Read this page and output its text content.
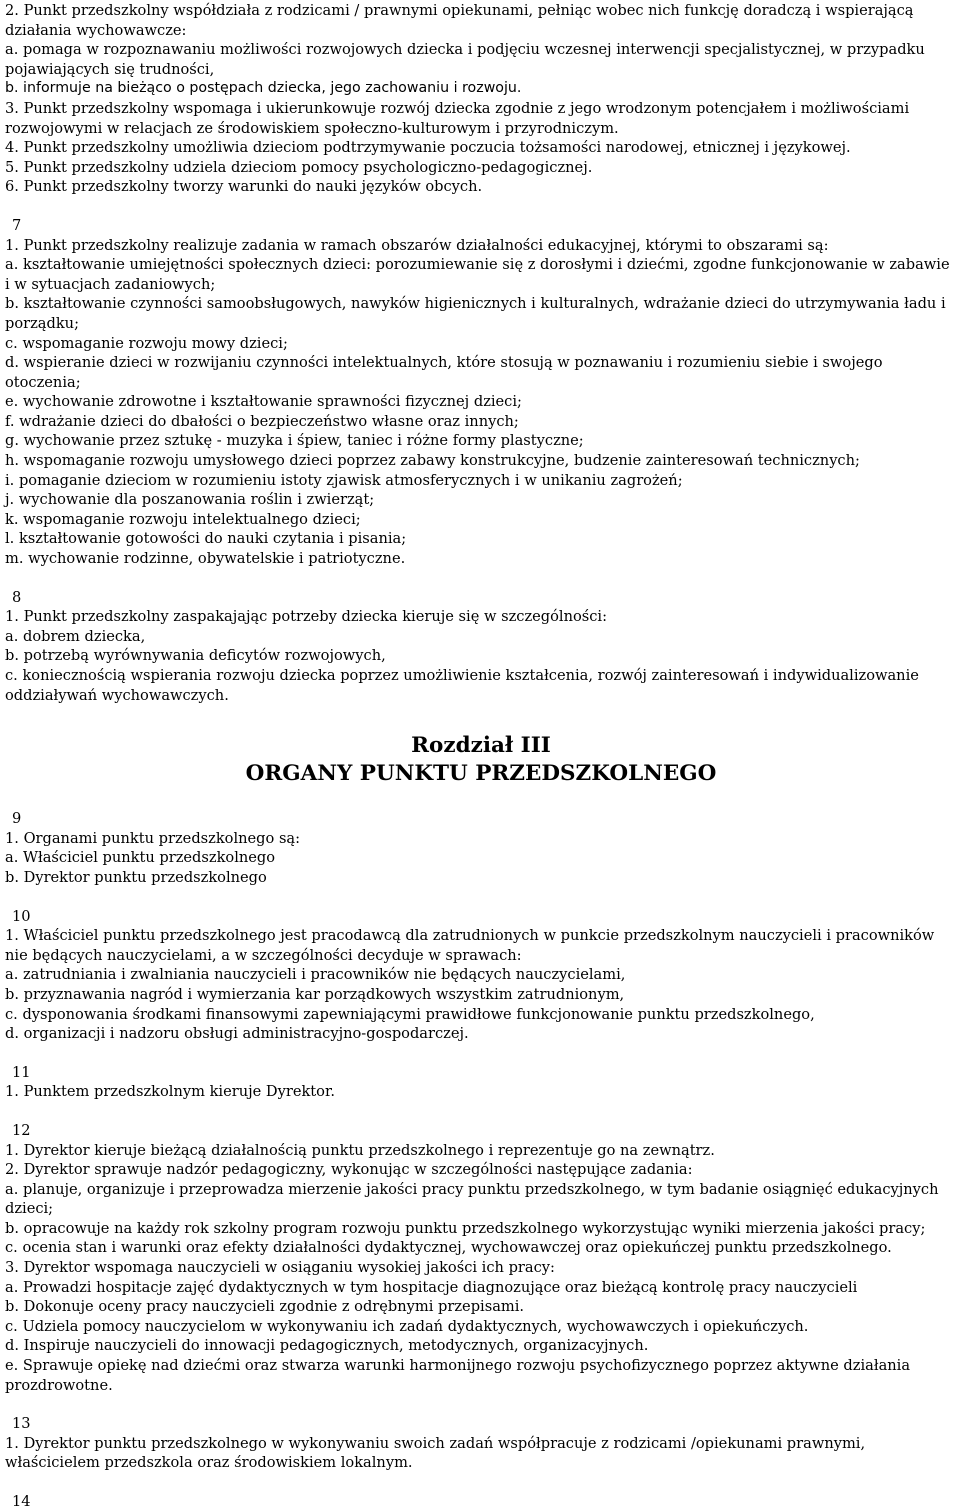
2. Punkt przedszkolny współdziała z rodzicami / prawnymi opiekunami, pełniąc wobec nich funkcję doradczą i wspierającą działania wychowawcze:

a. pomaga w rozpoznawaniu możliwości rozwojowych dziecka i podjęciu wczesnej interwencji specjalistycznej, w przypadku pojawiających się trudności,

b. informuje na bieżąco o postępach dziecka, jego zachowaniu i rozwoju.

3. Punkt przedszkolny wspomaga i ukierunkowuje rozwój dziecka zgodnie z jego wrodzonym potencjałem i możliwościami rozwojowymi w relacjach ze środowiskiem społeczno-kulturowym i przyrodniczym.

4. Punkt przedszkolny umożliwia dzieciom podtrzymywanie poczucia tożsamości narodowej, etnicznej i językowej.

5. Punkt przedszkolny udziela dzieciom pomocy psychologiczno-pedagogicznej.

6. Punkt przedszkolny tworzy warunki do nauki języków obcych.

7

1. Punkt przedszkolny realizuje zadania w ramach obszarów działalności edukacyjnej, którymi to obszarami są:

a. kształtowanie umiejętności społecznych dzieci: porozumiewanie się z dorosłymi i dziećmi, zgodne funkcjonowanie w zabawie i w sytuacjach zadaniowych;

b. kształtowanie czynności samoobsługowych, nawyków higienicznych i kulturalnych, wdrażanie dzieci do utrzymywania ładu i porządku;

c. wspomaganie rozwoju mowy dzieci;

d. wspieranie dzieci w rozwijaniu czynności intelektualnych, które stosują w poznawaniu i rozumieniu siebie i swojego otoczenia;

e. wychowanie zdrowotne i kształtowanie sprawności fizycznej dzieci;

f. wdrażanie dzieci do dbałości o bezpieczeństwo własne oraz innych;

g. wychowanie przez sztukę - muzyka i śpiew, taniec i różne formy plastyczne;

h. wspomaganie rozwoju umysłowego dzieci poprzez zabawy konstrukcyjne, budzenie zainteresowań technicznych;

i. pomaganie dzieciom w rozumieniu istoty zjawisk atmosferycznych i w unikaniu zagrożeń;

j. wychowanie dla poszanowania roślin i zwierząt;

k. wspomaganie rozwoju intelektualnego dzieci;

l. kształtowanie gotowości do nauki czytania i pisania;

m. wychowanie rodzinne, obywatelskie i patriotyczne.

8

1. Punkt przedszkolny zaspakajając potrzeby dziecka kieruje się w szczególności:

a. dobrem dziecka,

b. potrzebą wyrównywania deficytów rozwojowych,

c. koniecznością wspierania rozwoju dziecka poprzez umożliwienie kształcenia, rozwój zainteresowań i indywidualizowanie oddziaływań wychowawczych.

Rozdział III
ORGANY PUNKTU PRZEDSZKOLNEGO
9

1. Organami punktu przedszkolnego są:

a. Właściciel punktu przedszkolnego

b. Dyrektor punktu przedszkolnego

10

1. Właściciel punktu przedszkolnego jest pracodawcą dla zatrudnionych w punkcie przedszkolnym nauczycieli i pracowników nie będących nauczycielami, a w szczególności decyduje w sprawach:

a. zatrudniania i zwalniania nauczycieli i pracowników nie będących nauczycielami,

b. przyznawania nagród i wymierzania kar porządkowych wszystkim zatrudnionym,

c. dysponowania środkami finansowymi zapewniającymi prawidłowe funkcjonowanie punktu przedszkolnego,

d. organizacji i nadzoru obsługi administracyjno-gospodarczej.

11

1. Punktem przedszkolnym kieruje Dyrektor.

12

1. Dyrektor kieruje bieżącą działalnością punktu przedszkolnego i reprezentuje go na zewnątrz.

2. Dyrektor sprawuje nadzór pedagogiczny, wykonując w szczególności następujące zadania:

a. planuje, organizuje i przeprowadza mierzenie jakości pracy punktu przedszkolnego, w tym badanie osiągnięć edukacyjnych dzieci;

b. opracowuje na każdy rok szkolny program rozwoju punktu przedszkolnego wykorzystując wyniki mierzenia jakości pracy;

c. ocenia stan i warunki oraz efekty działalności dydaktycznej, wychowawczej oraz opiekuńczej punktu przedszkolnego.

3. Dyrektor wspomaga nauczycieli w osiąganiu wysokiej jakości ich pracy:

a. Prowadzi hospitacje zajęć dydaktycznych w tym hospitacje diagnozujące oraz bieżącą kontrolę pracy nauczycieli

b. Dokonuje oceny pracy nauczycieli zgodnie z odrębnymi przepisami.

c. Udziela pomocy nauczycielom w wykonywaniu ich zadań dydaktycznych, wychowawczych i opiekuńczych.

d. Inspiruje nauczycieli do innowacji pedagogicznych, metodycznych, organizacyjnych.

e. Sprawuje opiekę nad dziećmi oraz stwarza warunki harmonijnego rozwoju psychofizycznego poprzez aktywne działania prozdrowotne.

13

1. Dyrektor punktu przedszkolnego w wykonywaniu swoich zadań współpracuje z rodzicami /opiekunami prawnymi, właścicielem przedszkola oraz środowiskiem lokalnym.

14
